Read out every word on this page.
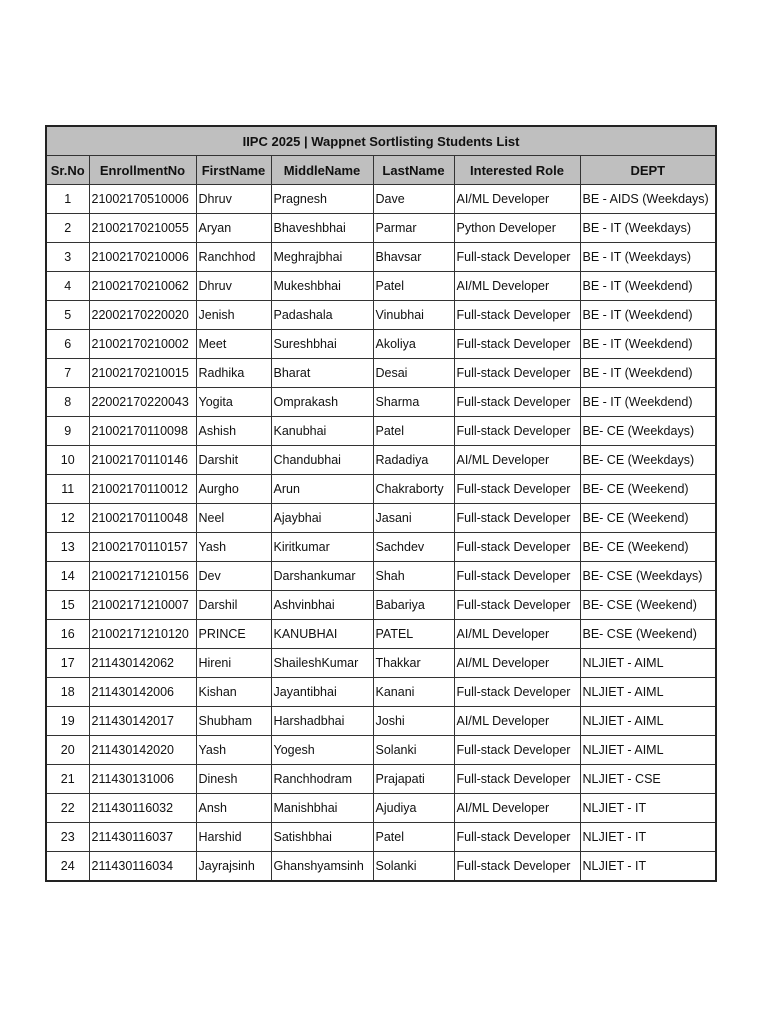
IIPC 2025 | Wappnet Sortlisting Students List						
Sr.No	EnrollmentNo	FirstName	MiddleName	LastName	Interested Role	DEPT
1	21002170510006	Dhruv	Pragnesh	Dave	AI/ML Developer	BE - AIDS (Weekdays)
2	21002170210055	Aryan	Bhaveshbhai	Parmar	Python Developer	BE - IT (Weekdays)
3	21002170210006	Ranchhod	Meghrajbhai	Bhavsar	Full-stack Developer	BE - IT (Weekdays)
4	21002170210062	Dhruv	Mukeshbhai	Patel	AI/ML Developer	BE - IT (Weekdend)
5	22002170220020	Jenish	Padashala	Vinubhai	Full-stack Developer	BE - IT (Weekdend)
6	21002170210002	Meet	Sureshbhai	Akoliya	Full-stack Developer	BE - IT (Weekdend)
7	21002170210015	Radhika	Bharat	Desai	Full-stack Developer	BE - IT (Weekdend)
8	22002170220043	Yogita	Omprakash	Sharma	Full-stack Developer	BE - IT (Weekdend)
9	21002170110098	Ashish	Kanubhai	Patel	Full-stack Developer	BE- CE (Weekdays)
10	21002170110146	Darshit	Chandubhai	Radadiya	AI/ML Developer	BE- CE (Weekdays)
11	21002170110012	Aurgho	Arun	Chakraborty	Full-stack Developer	BE- CE (Weekend)
12	21002170110048	Neel	Ajaybhai	Jasani	Full-stack Developer	BE- CE (Weekend)
13	21002170110157	Yash	Kiritkumar	Sachdev	Full-stack Developer	BE- CE (Weekend)
14	21002171210156	Dev	Darshankumar	Shah	Full-stack Developer	BE- CSE (Weekdays)
15	21002171210007	Darshil	Ashvinbhai	Babariya	Full-stack Developer	BE- CSE (Weekend)
16	21002171210120	PRINCE	KANUBHAI	PATEL	AI/ML Developer	BE- CSE (Weekend)
17	211430142062	Hireni	ShaileshKumar	Thakkar	AI/ML Developer	NLJIET - AIML
18	211430142006	Kishan	Jayantibhai	Kanani	Full-stack Developer	NLJIET - AIML
19	211430142017	Shubham	Harshadbhai	Joshi	AI/ML Developer	NLJIET - AIML
20	211430142020	Yash	Yogesh	Solanki	Full-stack Developer	NLJIET - AIML
21	211430131006	Dinesh	Ranchhodram	Prajapati	Full-stack Developer	NLJIET - CSE
22	211430116032	Ansh	Manishbhai	Ajudiya	AI/ML Developer	NLJIET - IT
23	211430116037	Harshid	Satishbhai	Patel	Full-stack Developer	NLJIET - IT
24	211430116034	Jayrajsinh	Ghanshyamsinh	Solanki	Full-stack Developer	NLJIET - IT
